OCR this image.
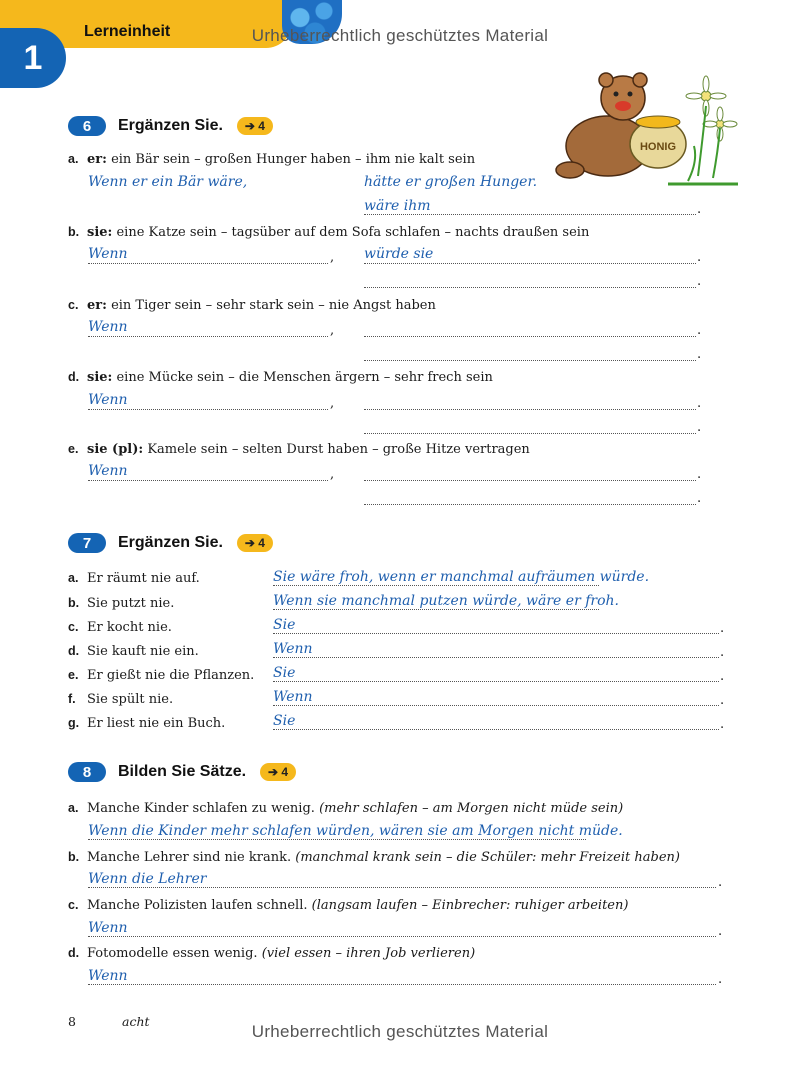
Lerneinheit
1
Urheberrechtlich geschütztes Material
HONIG
6	Ergänzen Sie.	➔ 4
a. er: ein Bär sein – großen Hunger haben – ihm nie kalt sein
Wenn er ein Bär wäre,	hätte er großen Hunger.
wäre ihm	.
b. sie: eine Katze sein – tagsüber auf dem Sofa schlafen – nachts draußen sein
Wenn	, würde sie	.
.
c. er: ein Tiger sein – sehr stark sein – nie Angst haben
Wenn	,	.
.
d. sie: eine Mücke sein – die Menschen ärgern – sehr frech sein
Wenn	,	.
.
e. sie (pl): Kamele sein – selten Durst haben – große Hitze vertragen
Wenn	,	.
.
7	Ergänzen Sie.	➔ 4
a. Er räumt nie auf.	Sie wäre froh, wenn er manchmal aufräumen würde.
b. Sie putzt nie.	Wenn sie manchmal putzen würde, wäre er froh.
c. Er kocht nie.	Sie	.
d. Sie kauft nie ein.	Wenn	.
e. Er gießt nie die Pflanzen. Sie	.
f. Sie spült nie.	Wenn	.
g. Er liest nie ein Buch.	Sie	.
8	Bilden Sie Sätze.	➔ 4
a. Manche Kinder schlafen zu wenig. (mehr schlafen – am Morgen nicht müde sein)
Wenn die Kinder mehr schlafen würden, wären sie am Morgen nicht müde.
b. Manche Lehrer sind nie krank. (manchmal krank sein – die Schüler: mehr Freizeit haben)
Wenn die Lehrer	.
c. Manche Polizisten laufen schnell. (langsam laufen – Einbrecher: ruhiger arbeiten)
Wenn	.
d. Fotomodelle essen wenig. (viel essen – ihren Job verlieren)
Wenn	.
8	acht
Urheberrechtlich geschütztes Material
